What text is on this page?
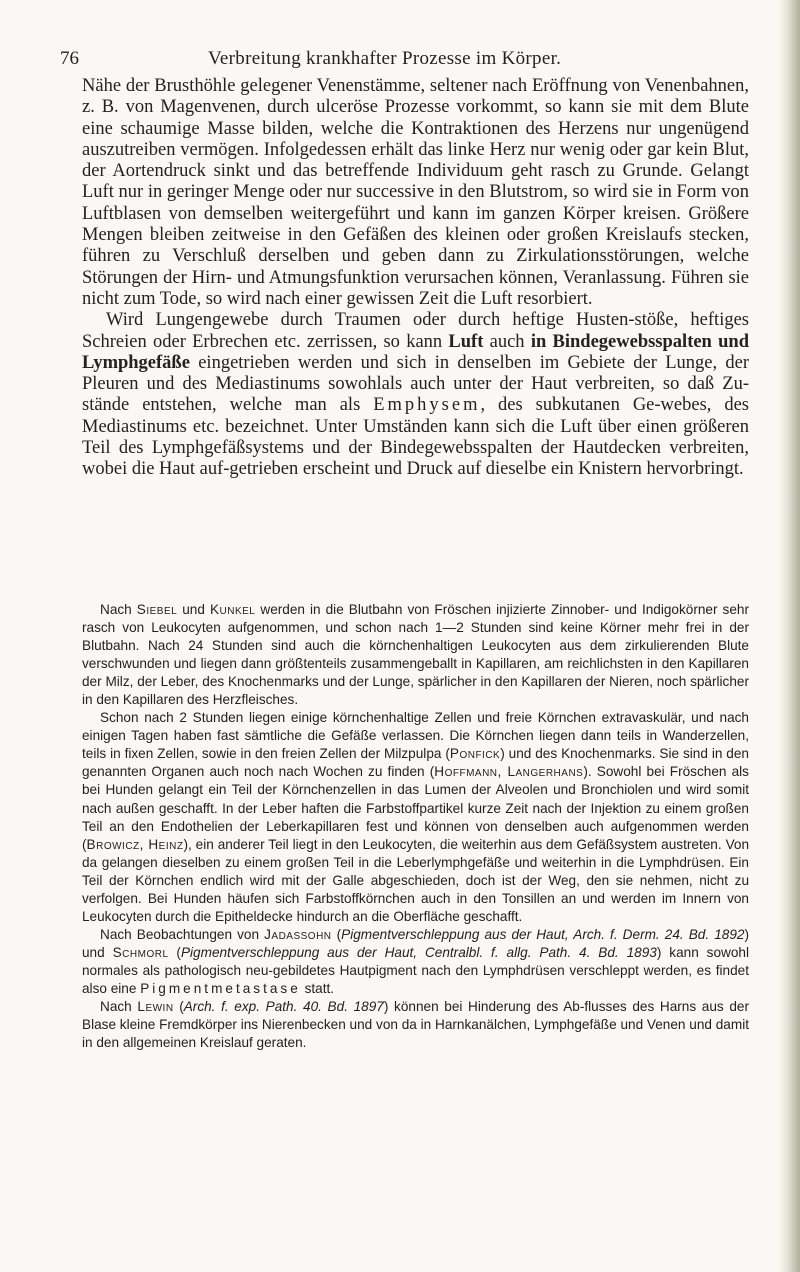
76	Verbreitung krankhafter Prozesse im Körper.

Nähe der Brusthöhle gelegener Venenstämme, seltener nach Eröffnung von Venenbahnen, z. B. von Magenvenen, durch ulceröse Prozesse vorkommt, so kann sie mit dem Blute eine schaumige Masse bilden, welche die Kontraktionen des Herzens nur ungenügend auszutreiben vermögen. Infolgedessen erhält das linke Herz nur wenig oder gar kein Blut, der Aortendruck sinkt und das betreffende Individuum geht rasch zu Grunde. Gelangt Luft nur in geringer Menge oder nur successive in den Blutstrom, so wird sie in Form von Luftblasen von demselben weitergeführt und kann im ganzen Körper kreisen. Größere Mengen bleiben zeitweise in den Gefäßen des kleinen oder großen Kreislaufs stecken, führen zu Verschluß derselben und geben dann zu Zirkulationsstörungen, welche Störungen der Hirn- und Atmungsfunktion verursachen können, Veranlassung. Führen sie nicht zum Tode, so wird nach einer gewissen Zeit die Luft resorbiert.

Wird Lungengewebe durch Traumen oder durch heftige Husten-stöße, heftiges Schreien oder Erbrechen etc. zerrissen, so kann Luft auch in Bindegewebsspalten und Lymphgefäße eingetrieben werden und sich in denselben im Gebiete der Lunge, der Pleuren und des Mediastinums sowohlals auch unter der Haut verbreiten, so daß Zu-stände entstehen, welche man als Emphysem, des subkutanen Ge-webes, des Mediastinums etc. bezeichnet. Unter Umständen kann sich die Luft über einen größeren Teil des Lymphgefäßsystems und der Bindegewebsspalten der Hautdecken verbreiten, wobei die Haut auf-getrieben erscheint und Druck auf dieselbe ein Knistern hervorbringt.

Nach Siebel und Kunkel werden in die Blutbahn von Fröschen injizierte Zinnober- und Indigokörner sehr rasch von Leukocyten aufgenommen, und schon nach 1—2 Stunden sind keine Körner mehr frei in der Blutbahn. Nach 24 Stunden sind auch die körnchenhaltigen Leukocyten aus dem zirkulierenden Blute verschwunden und liegen dann größtenteils zusammengeballt in Kapillaren, am reichlichsten in den Kapillaren der Milz, der Leber, des Knochenmarks und der Lunge, spärlicher in den Kapillaren der Nieren, noch spärlicher in den Kapillaren des Herzfleisches.

Schon nach 2 Stunden liegen einige körnchenhaltige Zellen und freie Körnchen extravaskulär, und nach einigen Tagen haben fast sämtliche die Gefäße verlassen. Die Körnchen liegen dann teils in Wanderzellen, teils in fixen Zellen, sowie in den freien Zellen der Milzpulpa (Ponfick) und des Knochenmarks. Sie sind in den genannten Organen auch noch nach Wochen zu finden (Hoffmann, Langerhans). Sowohl bei Fröschen als bei Hunden gelangt ein Teil der Körnchenzellen in das Lumen der Alveolen und Bronchiolen und wird somit nach außen geschafft. In der Leber haften die Farbstoffpartikel kurze Zeit nach der Injektion zu einem großen Teil an den Endothelien der Leberkapillaren fest und können von denselben auch aufgenommen werden (Browicz, Heinz), ein anderer Teil liegt in den Leukocyten, die weiterhin aus dem Gefäßsystem austreten. Von da gelangen dieselben zu einem großen Teil in die Leberlymphgefäße und weiterhin in die Lymphdrüsen. Ein Teil der Körnchen endlich wird mit der Galle abgeschieden, doch ist der Weg, den sie nehmen, nicht zu verfolgen. Bei Hunden häufen sich Farbstoffkörnchen auch in den Tonsillen an und werden im Innern von Leukocyten durch die Epitheldecke hindurch an die Oberfläche geschafft.

Nach Beobachtungen von Jadassohn (Pigmentverschleppung aus der Haut, Arch. f. Derm. 24. Bd. 1892) und Schmorl (Pigmentverschleppung aus der Haut, Centralbl. f. allg. Path. 4. Bd. 1893) kann sowohl normales als pathologisch neu-gebildetes Hautpigment nach den Lymphdrüsen verschleppt werden, es findet also eine Pigmentmetastase statt.

Nach Lewin (Arch. f. exp. Path. 40. Bd. 1897) können bei Hinderung des Ab-flusses des Harns aus der Blase kleine Fremdkörper ins Nierenbecken und von da in Harnkanälchen, Lymphgefäße und Venen und damit in den allgemeinen Kreislauf geraten.
